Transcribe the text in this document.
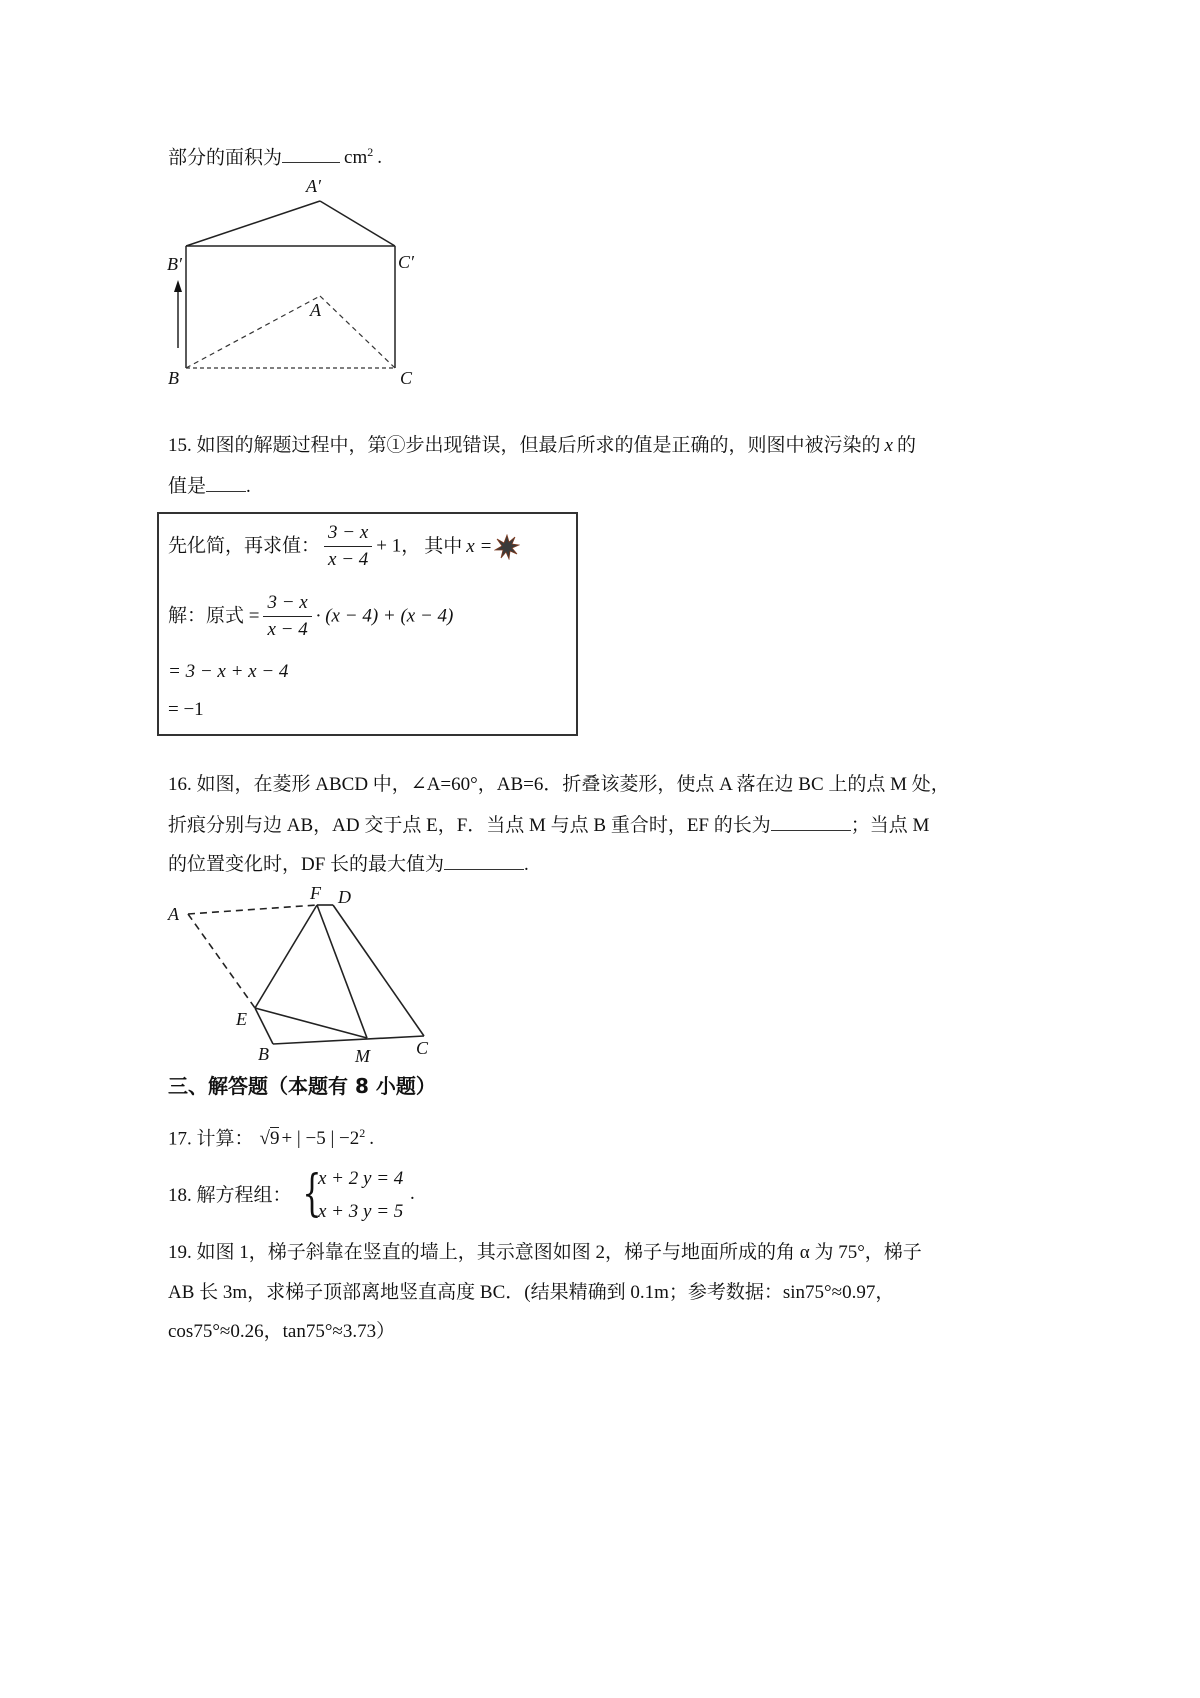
部分的面积为	$cm^2$ .
A′
B′	C′
A
B	C
15. 如图的解题过程中，第①步出现错误，但最后所求的值是正确的，则图中被污染的 x 的
值是 .
先化简，再求值： $\frac{3 - x}{x - 4} + 1$， 其中 x =
解：原式 = $\frac{3 - x}{x - 4} \cdot (x - 4) + (x - 4)$
= 3 − x + x − 4
= −1
16. 如图，在菱形 ABCD 中，∠A=60°，AB=6．折叠该菱形，使点 A 落在边 BC 上的点 M 处，
折痕分别与边 AB，AD 交于点 E，F．当点 M 与点 B 重合时，EF 的长为	；当点 M
的位置变化时，DF 长的最大值为	.
A
F D
E
B	M	C
三、解答题（本题有 8 小题）
17. 计算： √9 + | −5 | $-2^2$ .
18. 解方程组： {
x + 2 y = 4
x + 3 y = 5
.
19. 如图 1，梯子斜靠在竖直的墙上，其示意图如图 2，梯子与地面所成的角 α 为 75°，梯子
AB 长 3m，求梯子顶部离地竖直高度 BC．(结果精确到 0.1m；参考数据：sin75°≈0.97，
cos75°≈0.26，tan75°≈3.73）
